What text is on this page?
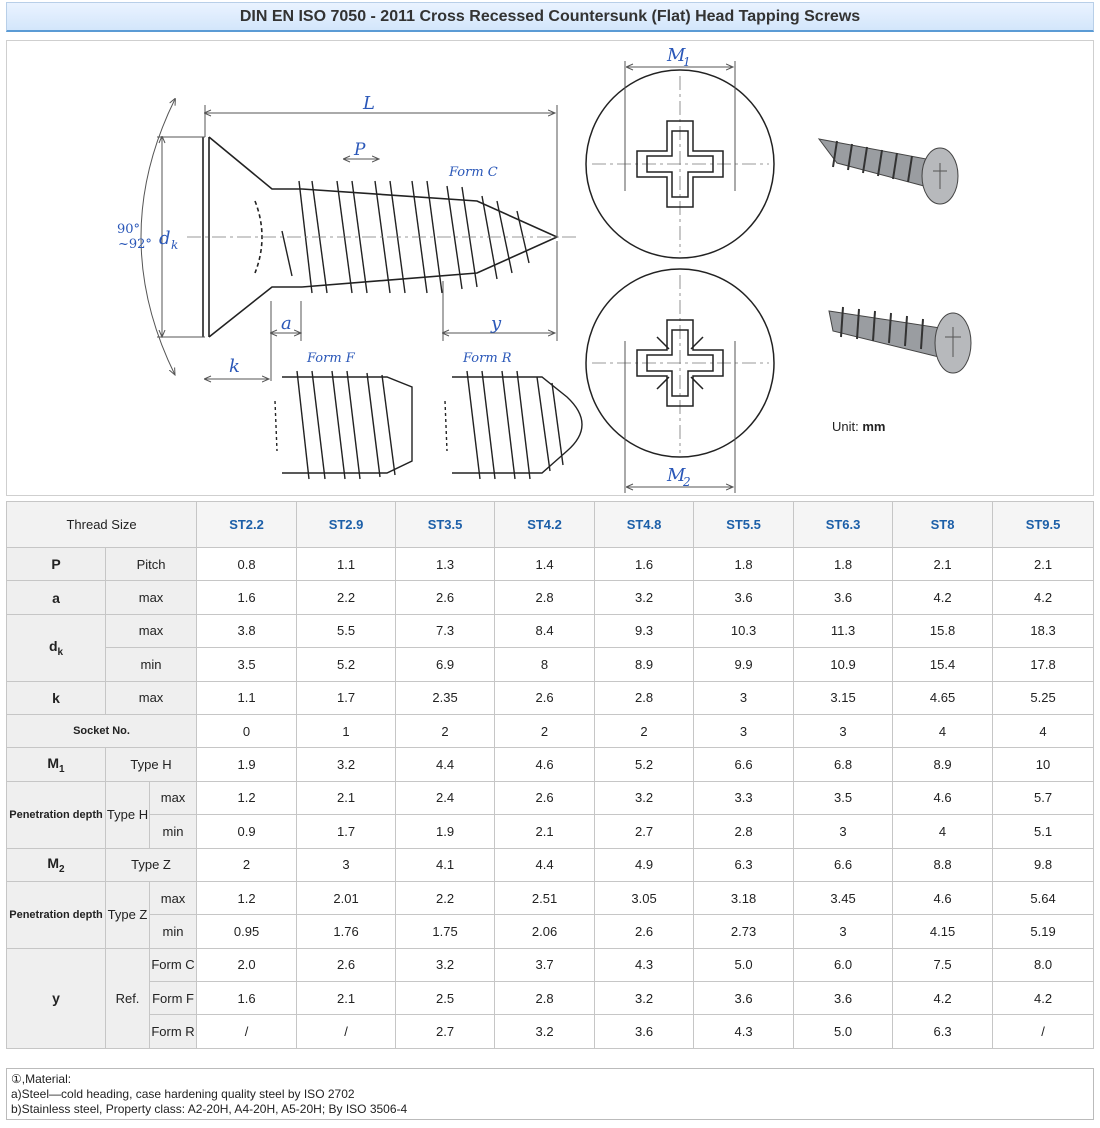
DIN EN ISO 7050 - 2011 Cross Recessed Countersunk (Flat) Head Tapping Screws
L
P
Form C
Form F	Form R
90°
~92° d k
a	y
k
M
1
M
2
Unit: mm
Thread Size			ST2.2	ST2.9	ST3.5	ST4.2	ST4.8	ST5.5	ST6.3	ST8	ST9.5
P	Pitch		0.8	1.1	1.3	1.4	1.6	1.8	1.8	2.1	2.1
a	max		1.6	2.2	2.6	2.8	3.2	3.6	3.6	4.2	4.2
$d_k$	max		3.8	5.5	7.3	8.4	9.3	10.3	11.3	15.8	18.3
	min		3.5	5.2	6.9	8	8.9	9.9	10.9	15.4	17.8
k	max		1.1	1.7	2.35	2.6	2.8	3	3.15	4.65	5.25
Socket No.			0	1	2	2	2	3	3	4	4
$M_1$	Type H		1.9	3.2	4.4	4.6	5.2	6.6	6.8	8.9	10
Penetration depth	Type H	max	1.2	2.1	2.4	2.6	3.2	3.3	3.5	4.6	5.7
		min	0.9	1.7	1.9	2.1	2.7	2.8	3	4	5.1
$M_2$	Type Z		2	3	4.1	4.4	4.9	6.3	6.6	8.8	9.8
Penetration depth	Type Z	max	1.2	2.01	2.2	2.51	3.05	3.18	3.45	4.6	5.64
		min	0.95	1.76	1.75	2.06	2.6	2.73	3	4.15	5.19
y	Ref.	Form C	2.0	2.6	3.2	3.7	4.3	5.0	6.0	7.5	8.0
		Form F	1.6	2.1	2.5	2.8	3.2	3.6	3.6	4.2	4.2
		Form R	/	/	2.7	3.2	3.6	4.3	5.0	6.3	/
①,Material:
a)Steel—cold heading, case hardening quality steel by ISO 2702
b)Stainless steel, Property class: A2-20H, A4-20H, A5-20H; By ISO 3506-4
